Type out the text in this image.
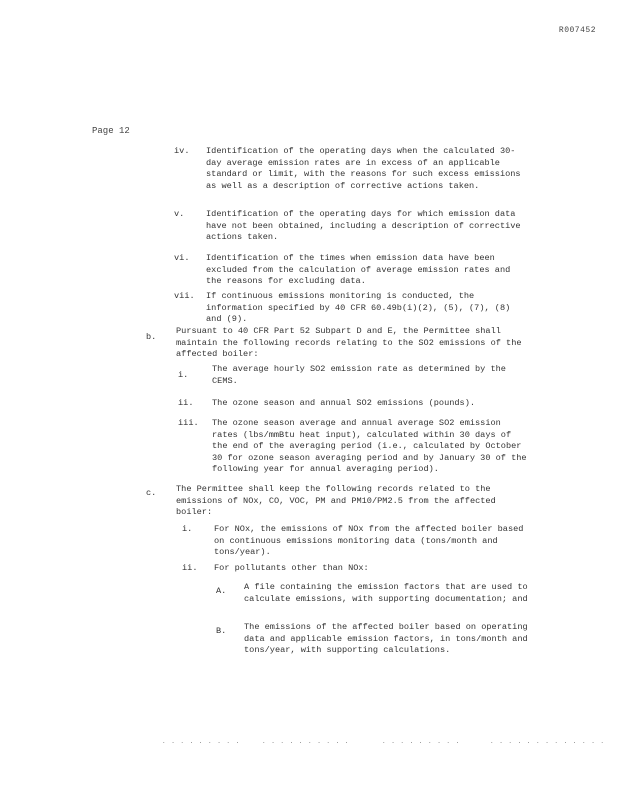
R007452
Page 12
iv. Identification of the operating days when the calculated 30-day average emission rates are in excess of an applicable standard or limit, with the reasons for such excess emissions as well as a description of corrective actions taken.

v.	Identification of the operating days for which emission data have not been obtained, including a description of corrective actions taken.

vi. Identification of the times when emission data have been excluded from the calculation of average emission rates and the reasons for excluding data.

vii. If continuous emissions monitoring is conducted, the information specified by 40 CFR 60.49b(i)(2), (5), (7), (8) and (9).

b.

Pursuant to 40 CFR Part 52 Subpart D and E, the Permittee shall maintain the following records relating to the SO2 emissions of the affected boiler:

i.

The average hourly SO2 emission rate as determined by the CEMS.

ii. The ozone season and annual SO2 emissions (pounds).

iii. The ozone season average and annual average SO2 emission rates (lbs/mmBtu heat input), calculated within 30 days of the end of the averaging period (i.e., calculated by October 30 for ozone season averaging period and by January 30 of the following year for annual averaging period).

c. The Permittee shall keep the following records related to the emissions of NOx, CO, VOC, PM and PM10/PM2.5 from the affected boiler:

i.	For NOx, the emissions of NOx from the affected boiler based on continuous emissions monitoring data (tons/month and tons/year).

ii. For pollutants other than NOx:

A. A file containing the emission factors that are used to calculate emissions, with supporting documentation; and

B. The emissions of the affected boiler based on operating data and applicable emission factors, in tons/month and tons/year, with supporting calculations.

. . . . . . . . .	. . . . . . . . . .	. . . . . . . . .	. . . . . . . . . . . . .
